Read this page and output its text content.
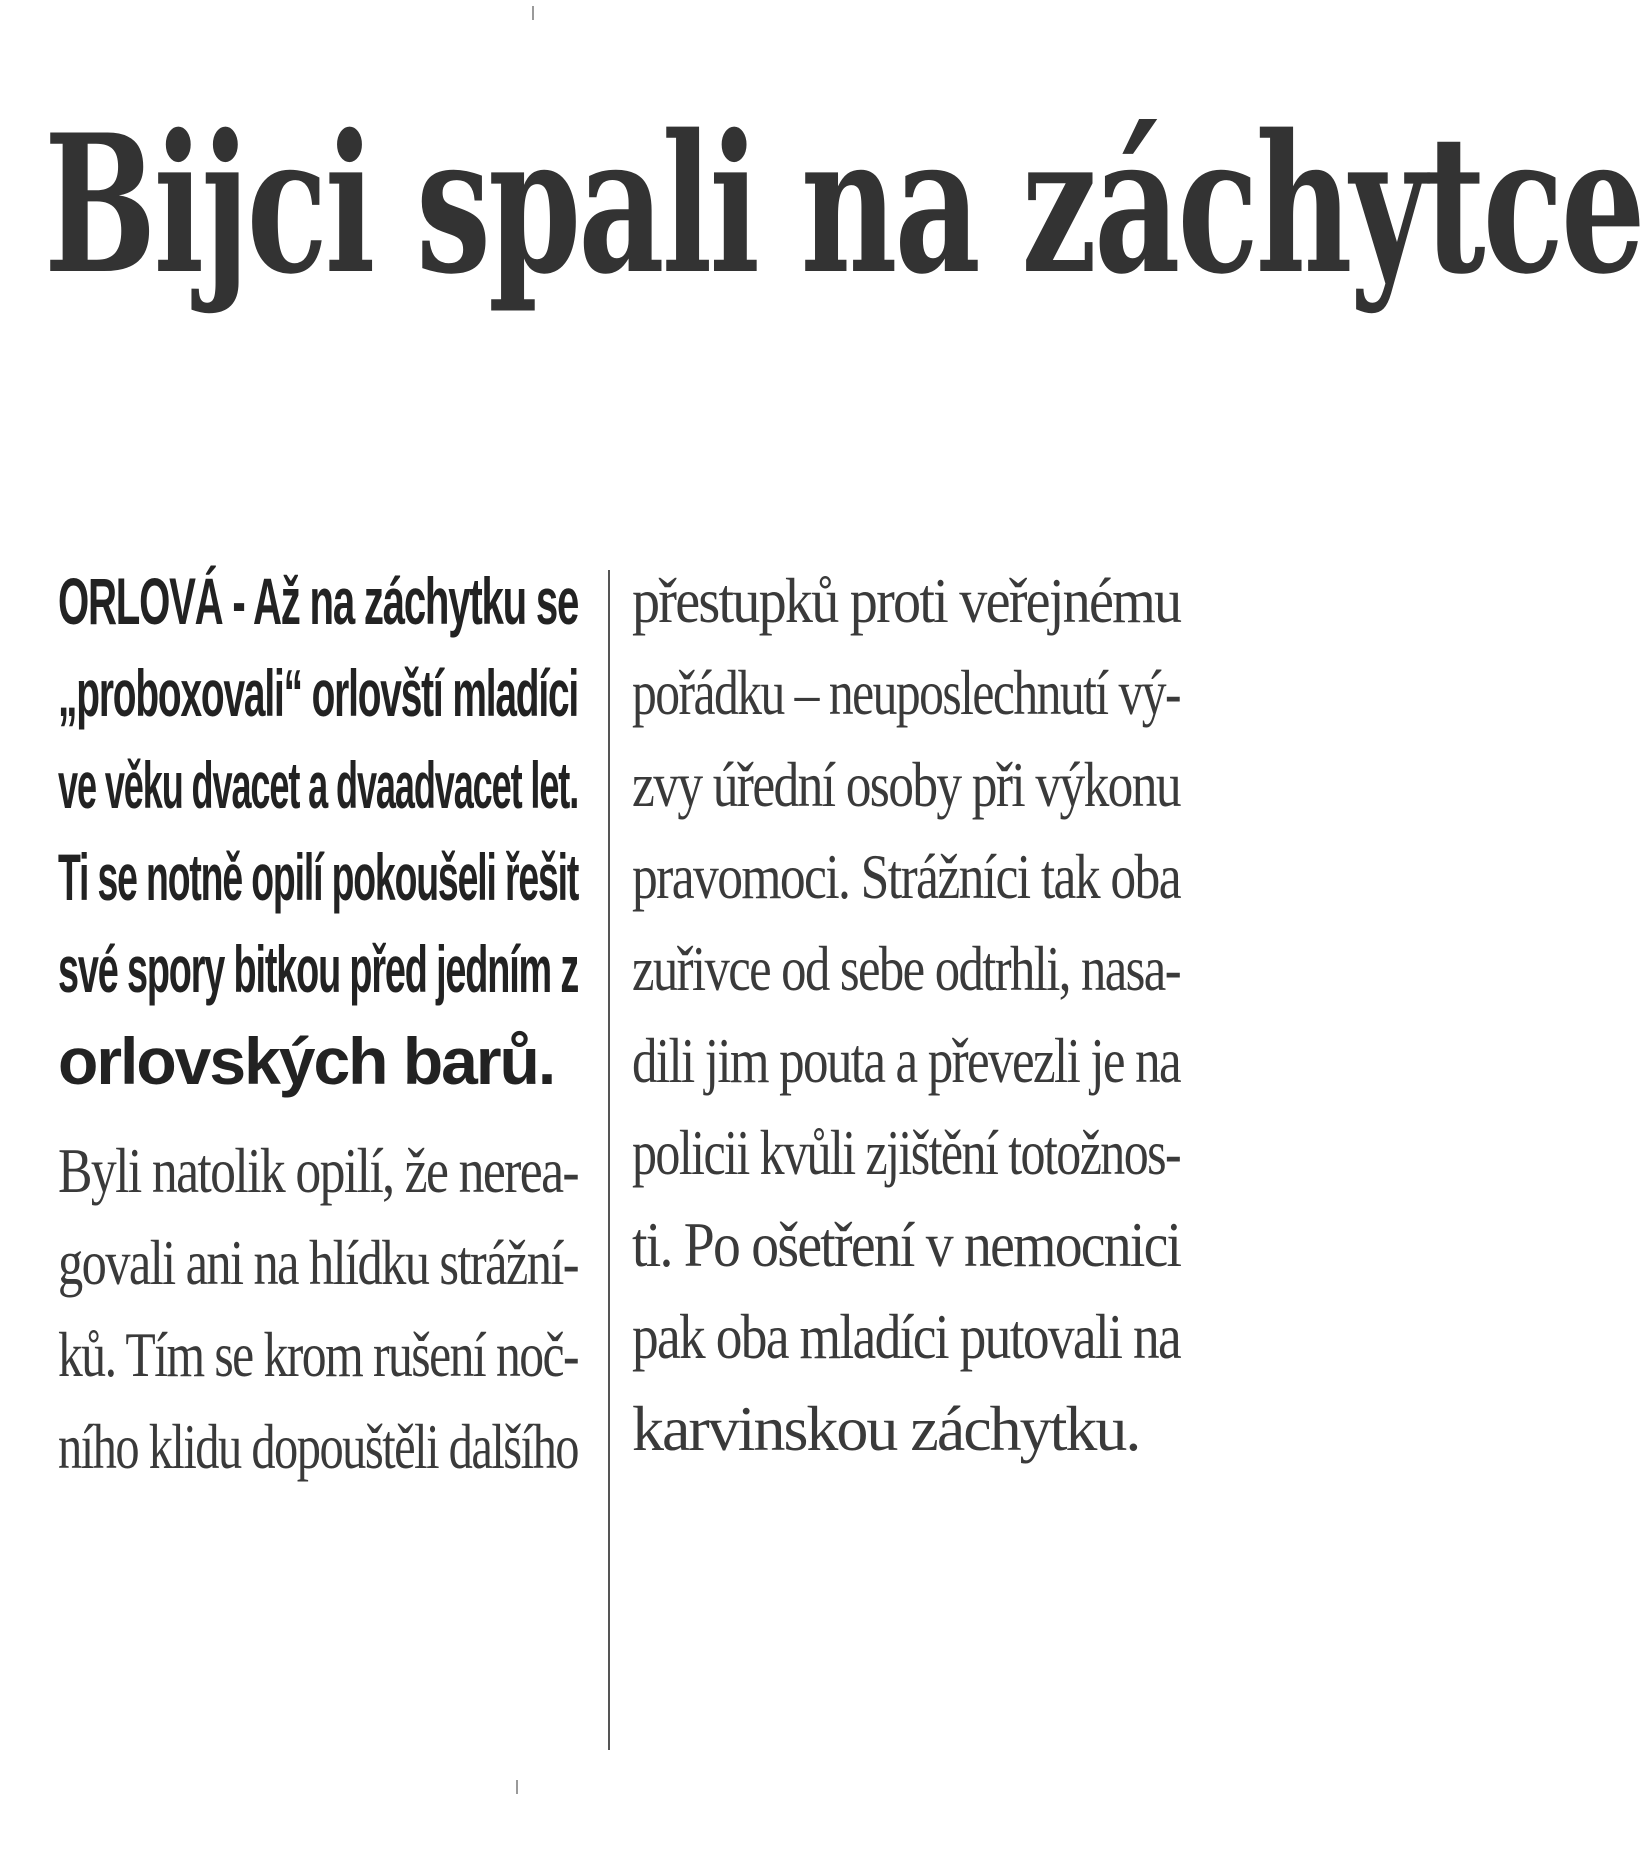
Bijci spali na záchytce
ORLOVÁ - Až na záchytku se
„proboxovali“ orlovští mladíci
ve věku dvacet a dvaadvacet let.
Ti se notně opilí pokoušeli řešit
své spory bitkou před jedním z
orlovských barů.
Byli natolik opilí, že nerea-
govali ani na hlídku strážní-
ků. Tím se krom rušení noč-
ního klidu dopouštěli dalšího
přestupků proti veřejnému
pořádku – neuposlechnutí vý-
zvy úřední osoby při výkonu
pravomoci. Strážníci tak oba
zuřivce od sebe odtrhli, nasa-
dili jim pouta a převezli je na
policii kvůli zjištění totožnos-
ti. Po ošetření v nemocnici
pak oba mladíci putovali na
karvinskou záchytku.
